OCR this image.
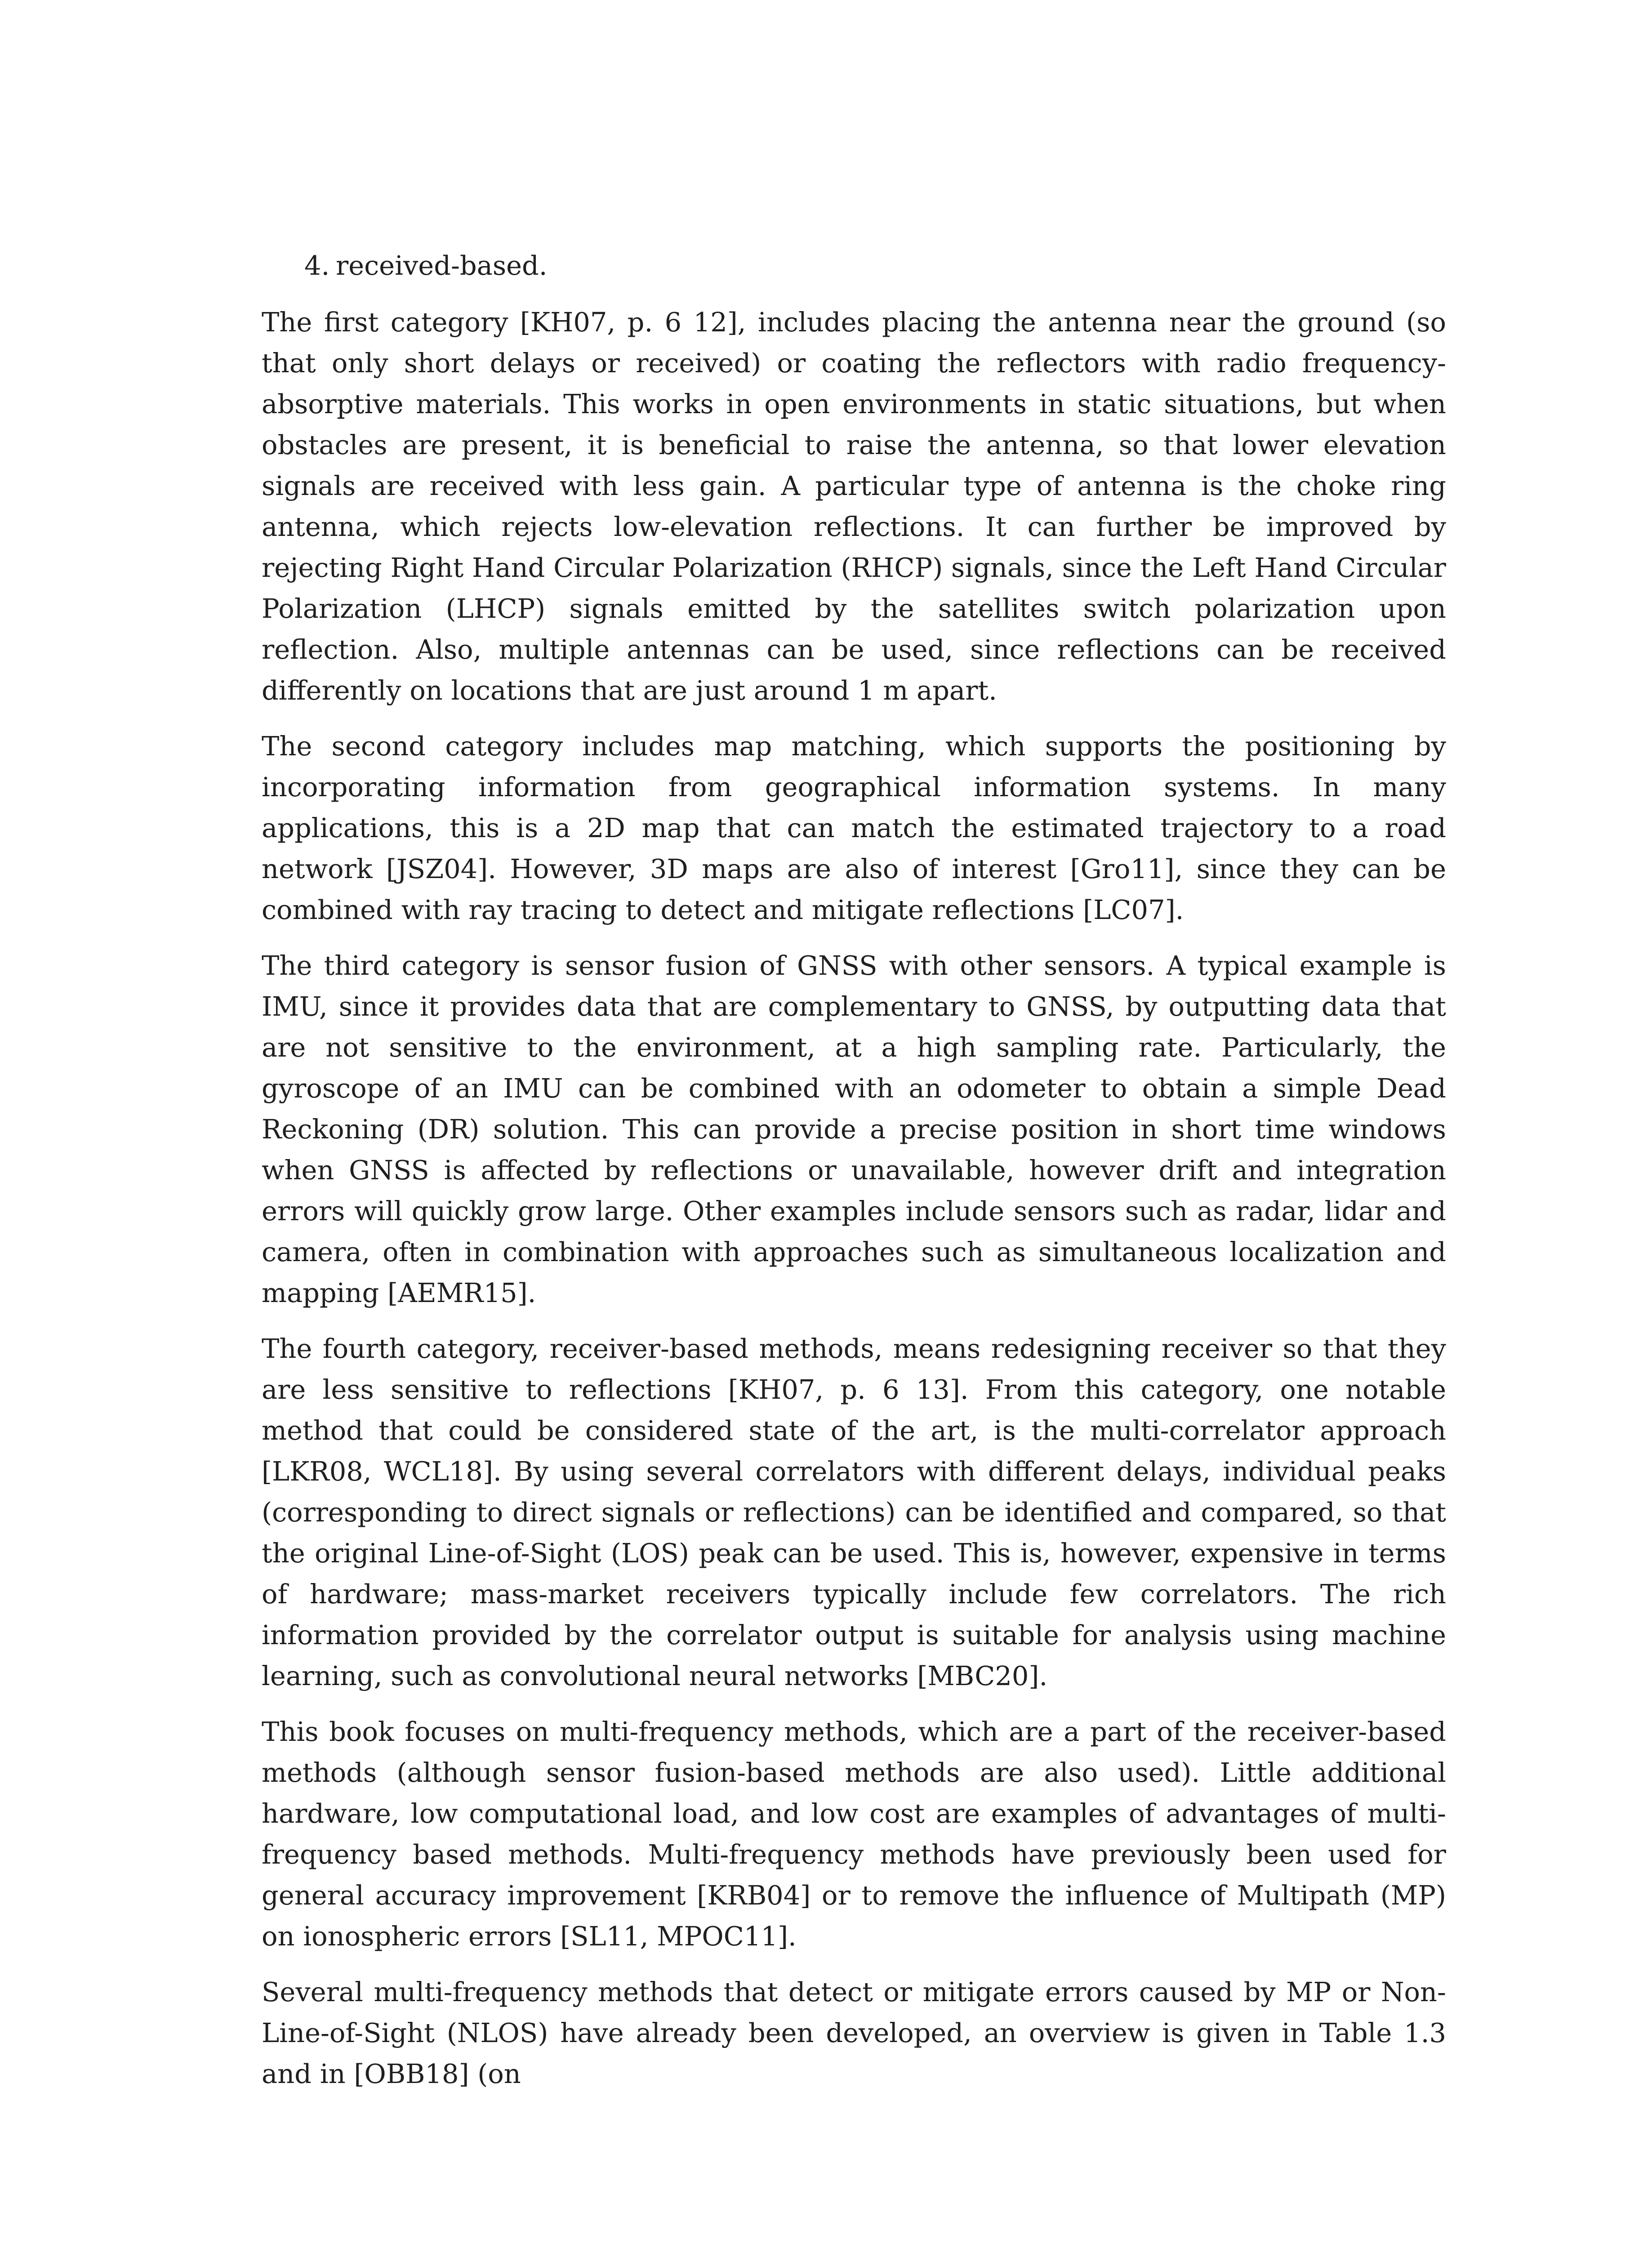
4. received-based.

The first category [KH07, p. 6 12], includes placing the antenna near the ground (so that only short delays or received) or coating the reflectors with radio frequency-absorptive materials. This works in open environments in static situations, but when obstacles are present, it is beneficial to raise the antenna, so that lower elevation signals are received with less gain. A particular type of antenna is the choke ring antenna, which rejects low-elevation reflections. It can further be improved by rejecting Right Hand Circular Polarization (RHCP) signals, since the Left Hand Circular Polarization (LHCP) signals emitted by the satellites switch polarization upon reflection. Also, multiple antennas can be used, since reflections can be received differently on locations that are just around 1 m apart.

The second category includes map matching, which supports the positioning by incorporating information from geographical information systems. In many applications, this is a 2D map that can match the estimated trajectory to a road network [JSZ04]. However, 3D maps are also of interest [Gro11], since they can be combined with ray tracing to detect and mitigate reflections [LC07].

The third category is sensor fusion of GNSS with other sensors. A typical example is IMU, since it provides data that are complementary to GNSS, by outputting data that are not sensitive to the environment, at a high sampling rate. Particularly, the gyroscope of an IMU can be combined with an odometer to obtain a simple Dead Reckoning (DR) solution. This can provide a precise position in short time windows when GNSS is affected by reflections or unavailable, however drift and integration errors will quickly grow large. Other examples include sensors such as radar, lidar and camera, often in combination with approaches such as simultaneous localization and mapping [AEMR15].

The fourth category, receiver-based methods, means redesigning receiver so that they are less sensitive to reflections [KH07, p. 6 13]. From this category, one notable method that could be considered state of the art, is the multi-correlator approach [LKR08, WCL18]. By using several correlators with different delays, individual peaks (corresponding to direct signals or reflections) can be identified and compared, so that the original Line-of-Sight (LOS) peak can be used. This is, however, expensive in terms of hardware; mass-market receivers typically include few correlators. The rich information provided by the correlator output is suitable for analysis using machine learning, such as convolutional neural networks [MBC20].

This book focuses on multi-frequency methods, which are a part of the receiver-based methods (although sensor fusion-based methods are also used). Little additional hardware, low computational load, and low cost are examples of advantages of multi-frequency based methods. Multi-frequency methods have previously been used for general accuracy improvement [KRB04] or to remove the influence of Multipath (MP) on ionospheric errors [SL11, MPOC11].

Several multi-frequency methods that detect or mitigate errors caused by MP or Non-Line-of-Sight (NLOS) have already been developed, an overview is given in Table 1.3 and in [OBB18] (on
